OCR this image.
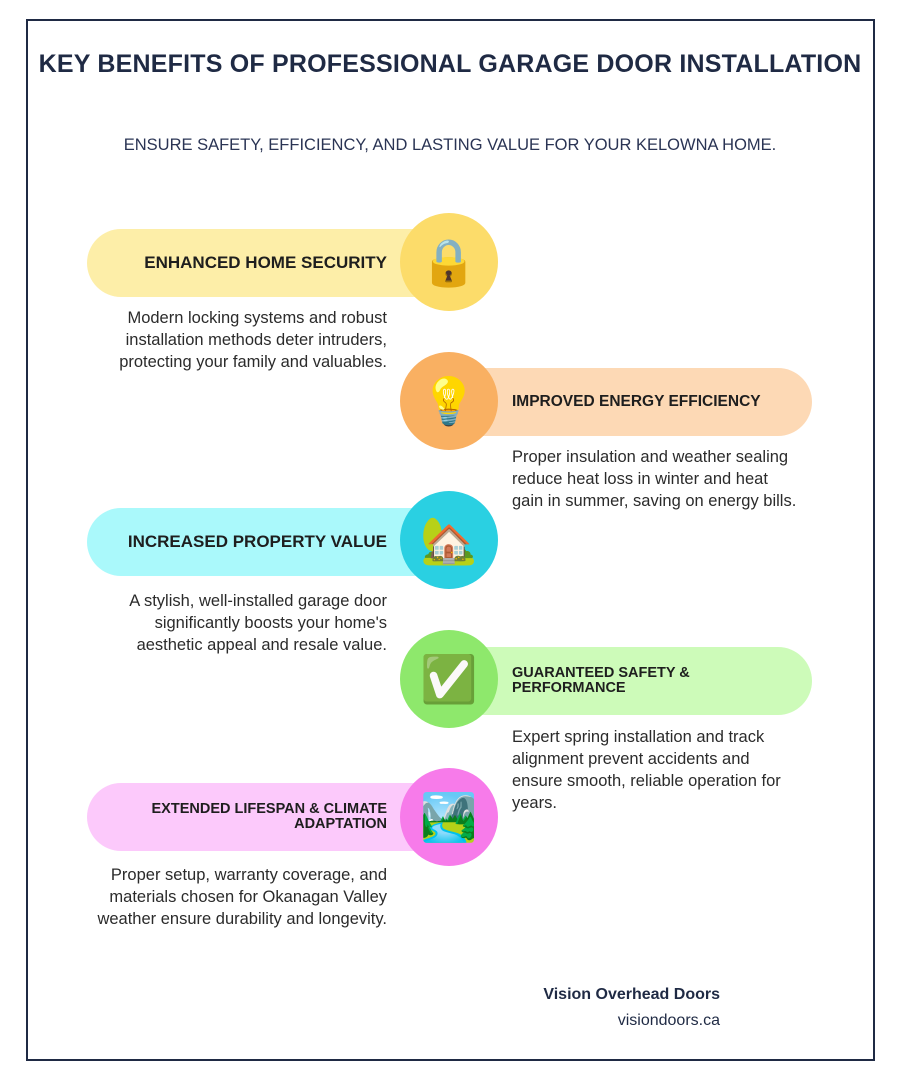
KEY BENEFITS OF PROFESSIONAL GARAGE DOOR INSTALLATION
ENSURE SAFETY, EFFICIENCY, AND LASTING VALUE FOR YOUR KELOWNA HOME.
ENHANCED HOME SECURITY 🔒
Modern locking systems and robust installation methods deter intruders, protecting your family and valuables.
IMPROVED ENERGY EFFICIENCY
💡
Proper insulation and weather sealing reduce heat loss in winter and heat gain in summer, saving on energy bills.
INCREASED PROPERTY VALUE 🏡
A stylish, well-installed garage door significantly boosts your home's aesthetic appeal and resale value.
GUARANTEED SAFETY & PERFORMANCE
✅
Expert spring installation and track alignment prevent accidents and ensure smooth, reliable operation for years.
EXTENDED LIFESPAN & CLIMATE ADAPTATION 🏞️
Proper setup, warranty coverage, and materials chosen for Okanagan Valley weather ensure durability and longevity.
Vision Overhead Doors
visiondoors.ca
